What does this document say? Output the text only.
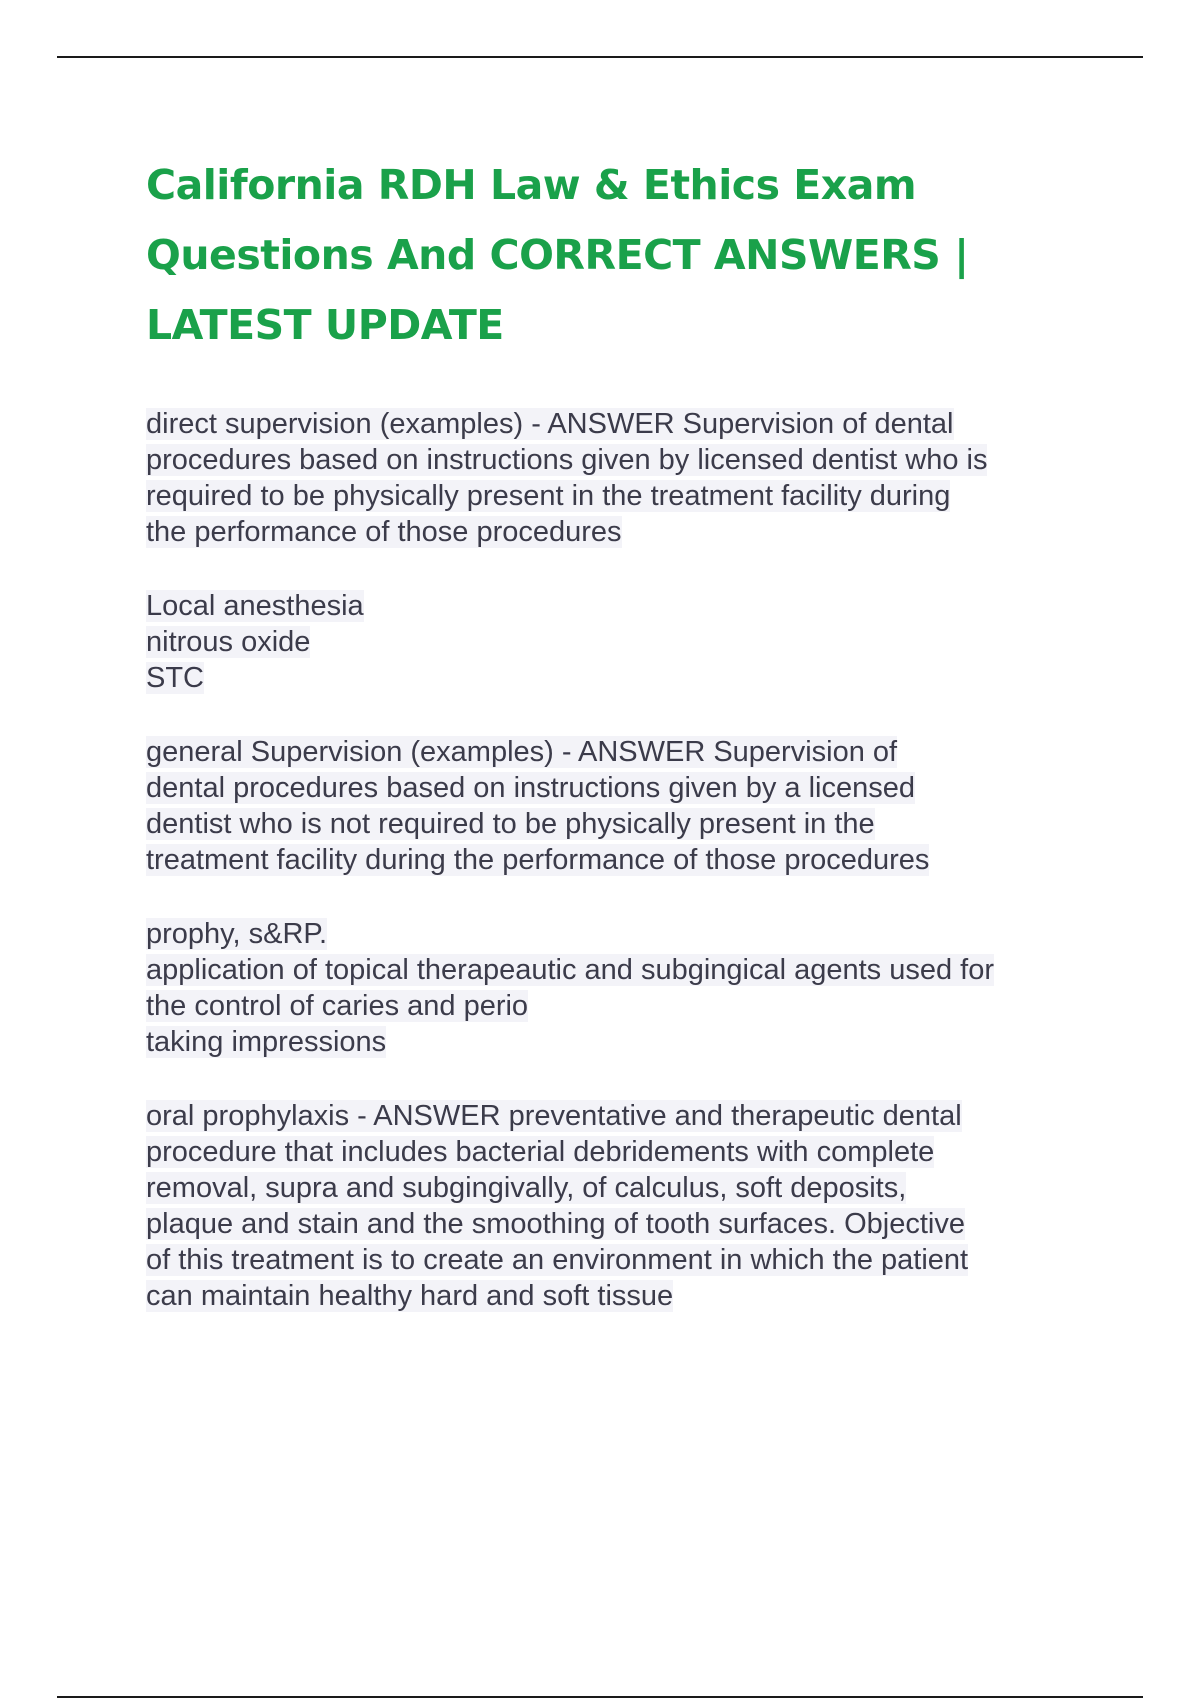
California RDH Law & Ethics Exam
Questions And CORRECT ANSWERS |
LATEST UPDATE

direct supervision (examples) - ANSWER Supervision of dental
procedures based on instructions given by licensed dentist who is
required to be physically present in the treatment facility during
the performance of those procedures

Local anesthesia
nitrous oxide
STC

general Supervision (examples) - ANSWER Supervision of
dental procedures based on instructions given by a licensed
dentist who is not required to be physically present in the
treatment facility during the performance of those procedures

prophy, s&RP.
application of topical therapeautic and subgingical agents used for
the control of caries and perio
taking impressions

oral prophylaxis - ANSWER preventative and therapeutic dental
procedure that includes bacterial debridements with complete
removal, supra and subgingivally, of calculus, soft deposits,
plaque and stain and the smoothing of tooth surfaces. Objective
of this treatment is to create an environment in which the patient
can maintain healthy hard and soft tissue
